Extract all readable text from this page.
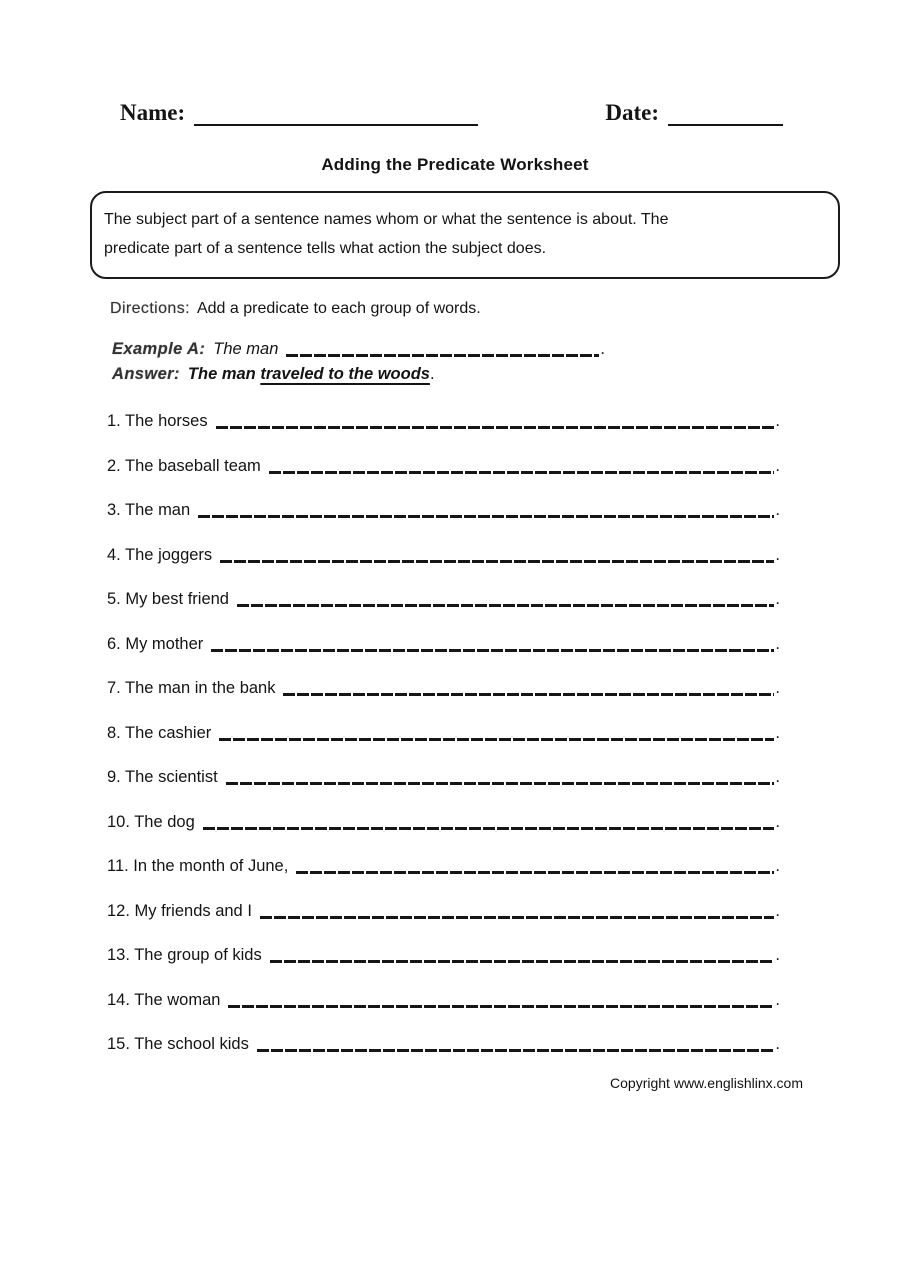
Name:	Date:
Adding the Predicate Worksheet
The subject part of a sentence names whom or what the sentence is about. The
predicate part of a sentence tells what action the subject does.
Directions: Add a predicate to each group of words.
Example A: The man	.
Answer: The man traveled to the woods .
1. The horses	.
2. The baseball team	.
3. The man	.
4. The joggers	.
5. My best friend	.
6. My mother	.
7. The man in the bank	.
8. The cashier	.
9. The scientist	.
10. The dog	.
11. In the month of June,	.
12. My friends and I	.
13. The group of kids	.
14. The woman	.
15. The school kids	.
Copyright www.englishlinx.com
